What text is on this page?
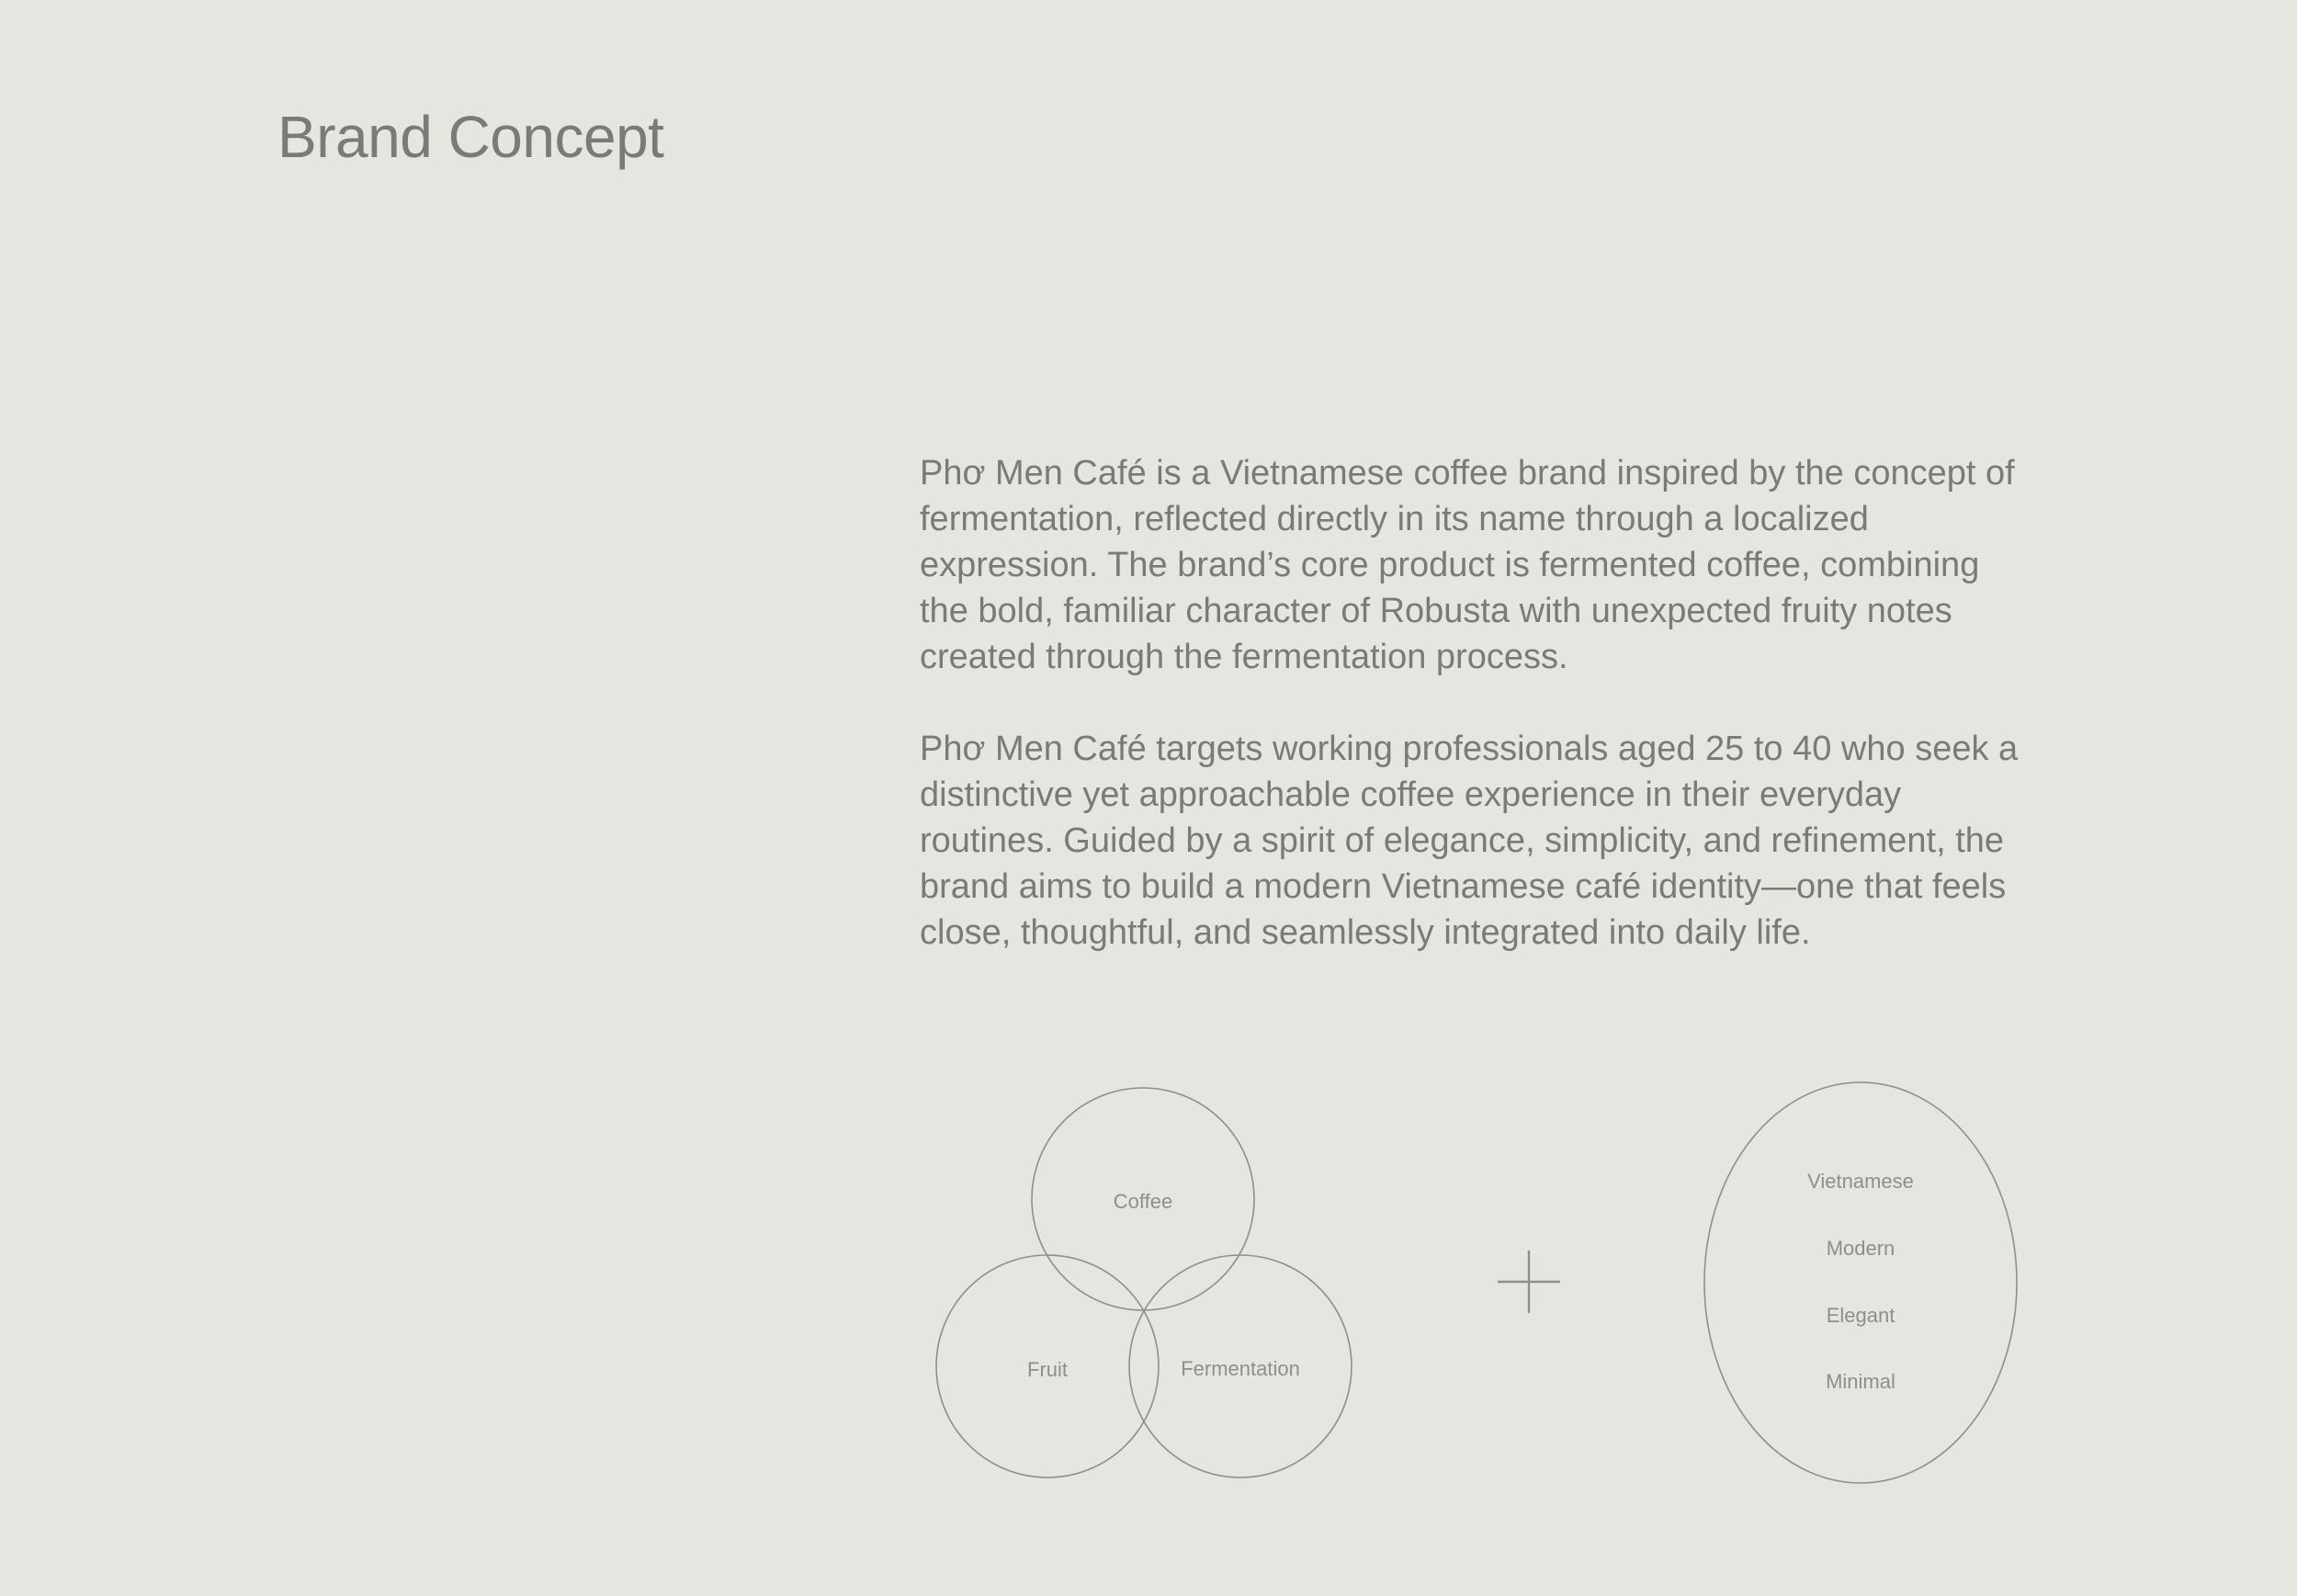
Brand Concept

Phơ Men Café is a Vietnamese coffee brand inspired by the concept of fermentation, reflected directly in its name through a localized expression. The brand’s core product is fermented coffee, combining the bold, familiar character of Robusta with unexpected fruity notes created through the fermentation process.

Phơ Men Café targets working professionals aged 25 to 40 who seek a distinctive yet approachable coffee experience in their everyday routines. Guided by a spirit of elegance, simplicity, and refinement, the brand aims to build a modern Vietnamese café identity—one that feels close, thoughtful, and seamlessly integrated into daily life.

Coffee
Fruit	Fermentation
Vietnamese
Modern
Elegant
Minimal
